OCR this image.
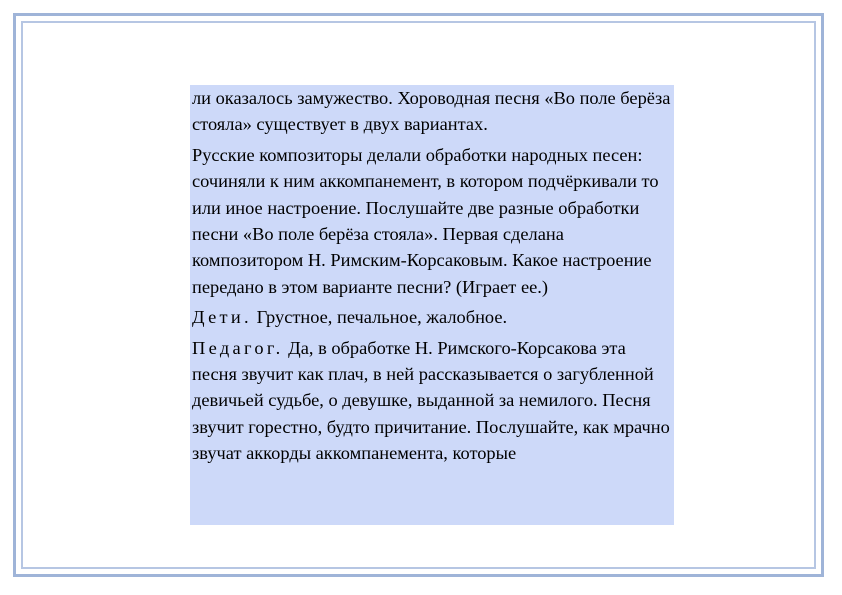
ли оказалось замужество. Хороводная песня «Во поле берёза стояла» существует в двух вариантах.

Русские композиторы делали обработки народных песен: сочиняли к ним аккомпанемент, в котором подчёркивали то или иное настроение. Послушайте две разные обработки песни «Во поле берёза стояла». Первая сделана композитором Н. Римским-Корсаковым. Какое настроение передано в этом варианте песни? (Играет ее.)

Дети. Грустное, печальное, жалобное.

Педагог. Да, в обработке Н. Римского-Корсакова эта песня звучит как плач, в ней рассказывается о загубленной девичьей судьбе, о девушке, выданной за немилого. Песня звучит горестно, будто причитание. Послушайте, как мрачно звучат аккорды аккомпанемента, которые
